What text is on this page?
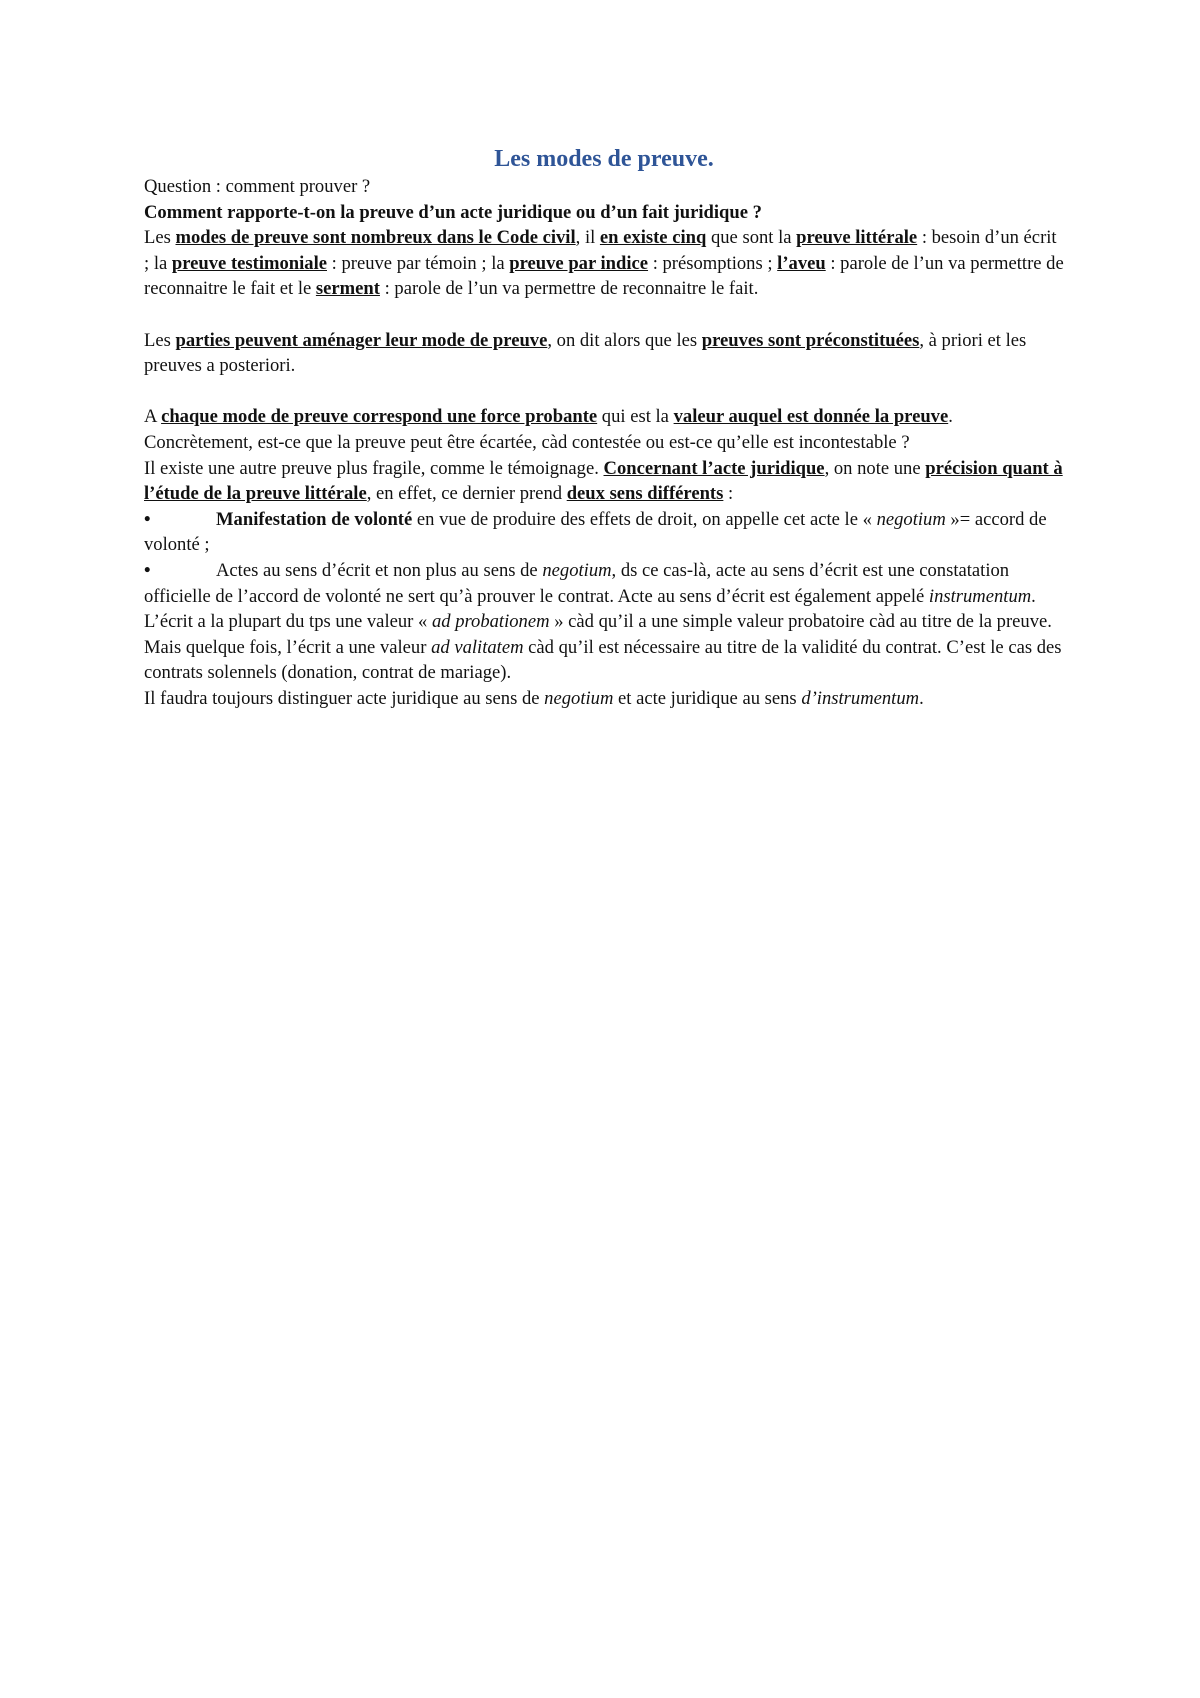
Les modes de preuve.

Question : comment prouver ?

Comment rapporte-t-on la preuve d’un acte juridique ou d’un fait juridique ?

Les modes de preuve sont nombreux dans le Code civil, il en existe cinq que sont la preuve littérale : besoin d’un écrit ; la preuve testimoniale : preuve par témoin ; la preuve par indice : présomptions ; l’aveu : parole de l’un va permettre de reconnaitre le fait et le serment : parole de l’un va permettre de reconnaitre le fait.

Les parties peuvent aménager leur mode de preuve, on dit alors que les preuves sont préconstituées, à priori et les preuves a posteriori.

A chaque mode de preuve correspond une force probante qui est la valeur auquel est donnée la preuve. Concrètement, est-ce que la preuve peut être écartée, càd contestée ou est-ce qu’elle est incontestable ?

Il existe une autre preuve plus fragile, comme le témoignage. Concernant l’acte juridique, on note une précision quant à l’étude de la preuve littérale, en effet, ce dernier prend deux sens différents :

•	Manifestation de volonté en vue de produire des effets de droit, on appelle cet acte le « negotium »= accord de volonté ;

•	Actes au sens d’écrit et non plus au sens de negotium, ds ce cas-là, acte au sens d’écrit est une constatation officielle de l’accord de volonté ne sert qu’à prouver le contrat. Acte au sens d’écrit est également appelé instrumentum. L’écrit a la plupart du tps une valeur « ad probationem » càd qu’il a une simple valeur probatoire càd au titre de la preuve. Mais quelque fois, l’écrit a une valeur ad valitatem càd qu’il est nécessaire au titre de la validité du contrat. C’est le cas des contrats solennels (donation, contrat de mariage).

Il faudra toujours distinguer acte juridique au sens de negotium et acte juridique au sens d’instrumentum.
